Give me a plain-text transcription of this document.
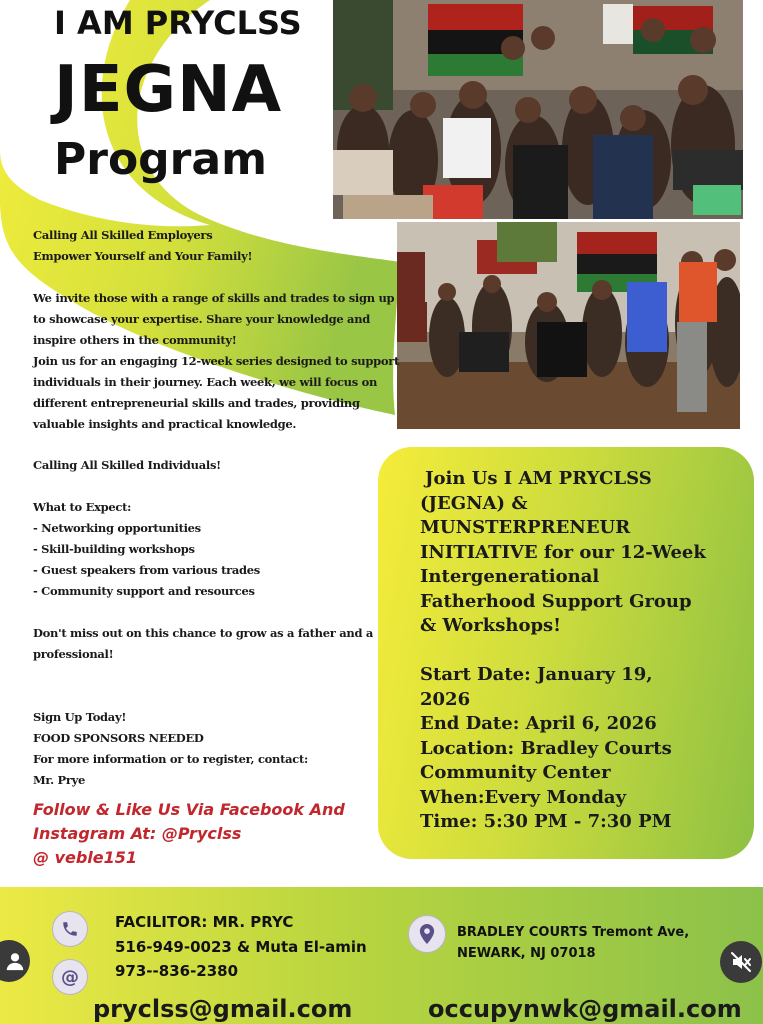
I AM PRYCLSS
JEGNA
Program
Calling All Skilled Employers
Empower Yourself and Your Family!
We invite those with a range of skills and trades to sign up
to showcase your expertise. Share your knowledge and
inspire others in the community!
Join us for an engaging 12-week series designed to support
individuals in their journey. Each week, we will focus on
different entrepreneurial skills and trades, providing
valuable insights and practical knowledge.
Calling All Skilled Individuals!
What to Expect:
- Networking opportunities
- Skill-building workshops
- Guest speakers from various trades
- Community support and resources
Don't miss out on this chance to grow as a father and a
professional!
Sign Up Today!
FOOD SPONSORS NEEDED
For more information or to register, contact:
Mr. Prye
Follow & Like Us Via Facebook And
Instagram At: @Pryclss
@ veble151
Join Us I AM PRYCLSS
(JEGNA) &
MUNSTERPRENEUR
INITIATIVE for our 12-Week
Intergenerational
Fatherhood Support Group
& Workshops!
Start Date: January 19,
2026
End Date: April 6, 2026
Location: Bradley Courts
Community Center
When:Every Monday
Time: 5:30 PM - 7:30 PM
@
FACILITOR: MR. PRYC
516-949-0023 & Muta El-amin
973--836-2380
BRADLEY COURTS Tremont Ave,
NEWARK, NJ 07018
pryclss@gmail.com	occupynwk@gmail.com
